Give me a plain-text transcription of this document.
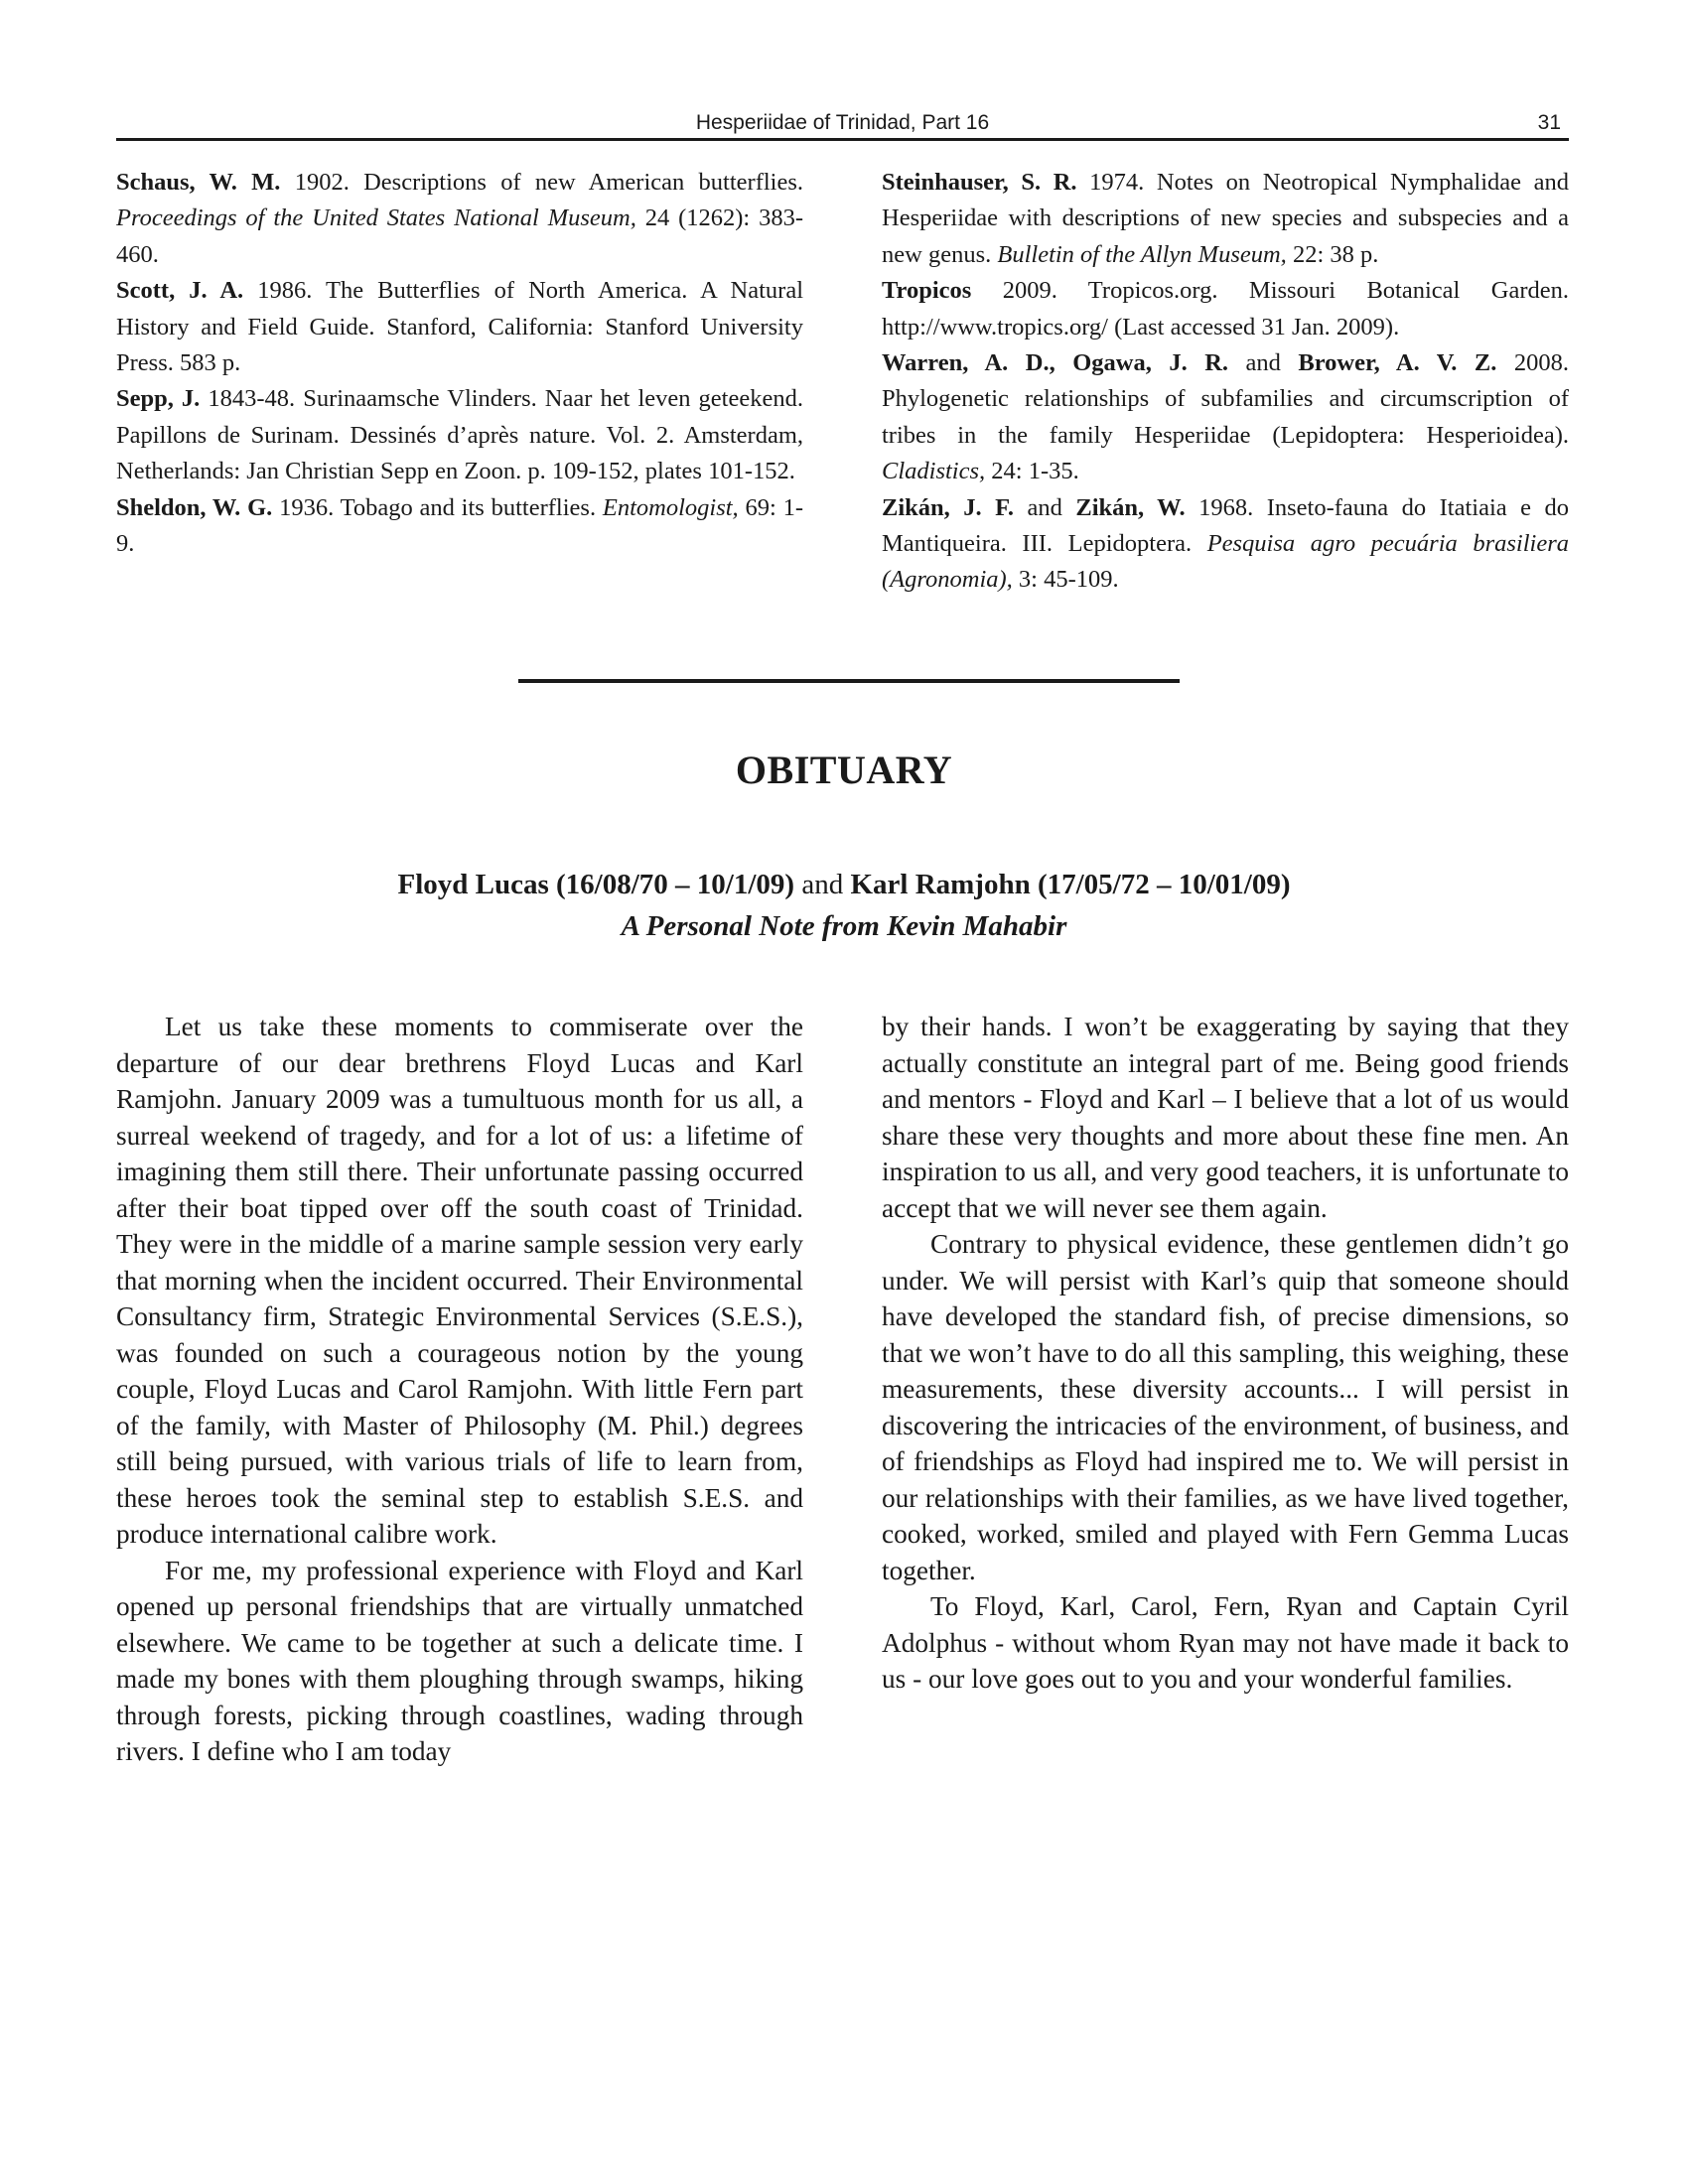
Hesperiidae of Trinidad, Part 16	31

Schaus, W. M. 1902. Descriptions of new American butterflies. Proceedings of the United States National Museum, 24 (1262): 383-460.

Scott, J. A. 1986. The Butterflies of North America. A Natural History and Field Guide. Stanford, California: Stanford University Press. 583 p.

Sepp, J. 1843-48. Surinaamsche Vlinders. Naar het leven geteekend. Papillons de Surinam. Dessinés d’après nature. Vol. 2. Amsterdam, Netherlands: Jan Christian Sepp en Zoon. p. 109-152, plates 101-152.

Sheldon, W. G. 1936. Tobago and its butterflies. Entomologist, 69: 1-9.

Steinhauser, S. R. 1974. Notes on Neotropical Nymphalidae and Hesperiidae with descriptions of new species and subspecies and a new genus. Bulletin of the Allyn Museum, 22: 38 p.

Tropicos 2009. Tropicos.org. Missouri Botanical Garden. http://www.tropics.org/ (Last accessed 31 Jan. 2009).

Warren, A. D., Ogawa, J. R. and Brower, A. V. Z. 2008. Phylogenetic relationships of subfamilies and circumscription of tribes in the family Hesperiidae (Lepidoptera: Hesperioidea). Cladistics, 24: 1-35.

Zikán, J. F. and Zikán, W. 1968. Inseto-fauna do Itatiaia e do Mantiqueira. III. Lepidoptera. Pesquisa agro pecuária brasiliera (Agronomia), 3: 45-109.

OBITUARY
Floyd Lucas (16/08/70 – 10/1/09) and Karl Ramjohn (17/05/72 – 10/01/09)
A Personal Note from Kevin Mahabir

Let us take these moments to commiserate over the departure of our dear brethrens Floyd Lucas and Karl Ramjohn. January 2009 was a tumultuous month for us all, a surreal weekend of tragedy, and for a lot of us: a lifetime of imagining them still there. Their unfortunate passing occurred after their boat tipped over off the south coast of Trinidad. They were in the middle of a marine sample session very early that morning when the incident occurred. Their Environmental Consultancy firm, Strategic Environmental Services (S.E.S.), was founded on such a courageous notion by the young couple, Floyd Lucas and Carol Ramjohn. With little Fern part of the family, with Master of Philosophy (M. Phil.) degrees still being pursued, with various trials of life to learn from, these heroes took the seminal step to establish S.E.S. and produce international calibre work.

For me, my professional experience with Floyd and Karl opened up personal friendships that are virtually unmatched elsewhere. We came to be together at such a delicate time. I made my bones with them ploughing through swamps, hiking through forests, picking through coastlines, wading through rivers. I define who I am today

by their hands. I won’t be exaggerating by saying that they actually constitute an integral part of me. Being good friends and mentors - Floyd and Karl – I believe that a lot of us would share these very thoughts and more about these fine men. An inspiration to us all, and very good teachers, it is unfortunate to accept that we will never see them again.

Contrary to physical evidence, these gentlemen didn’t go under. We will persist with Karl’s quip that someone should have developed the standard fish, of precise dimensions, so that we won’t have to do all this sampling, this weighing, these measurements, these diversity accounts... I will persist in discovering the intricacies of the environment, of business, and of friendships as Floyd had inspired me to. We will persist in our relationships with their families, as we have lived together, cooked, worked, smiled and played with Fern Gemma Lucas together.

To Floyd, Karl, Carol, Fern, Ryan and Captain Cyril Adolphus - without whom Ryan may not have made it back to us - our love goes out to you and your wonderful families.
